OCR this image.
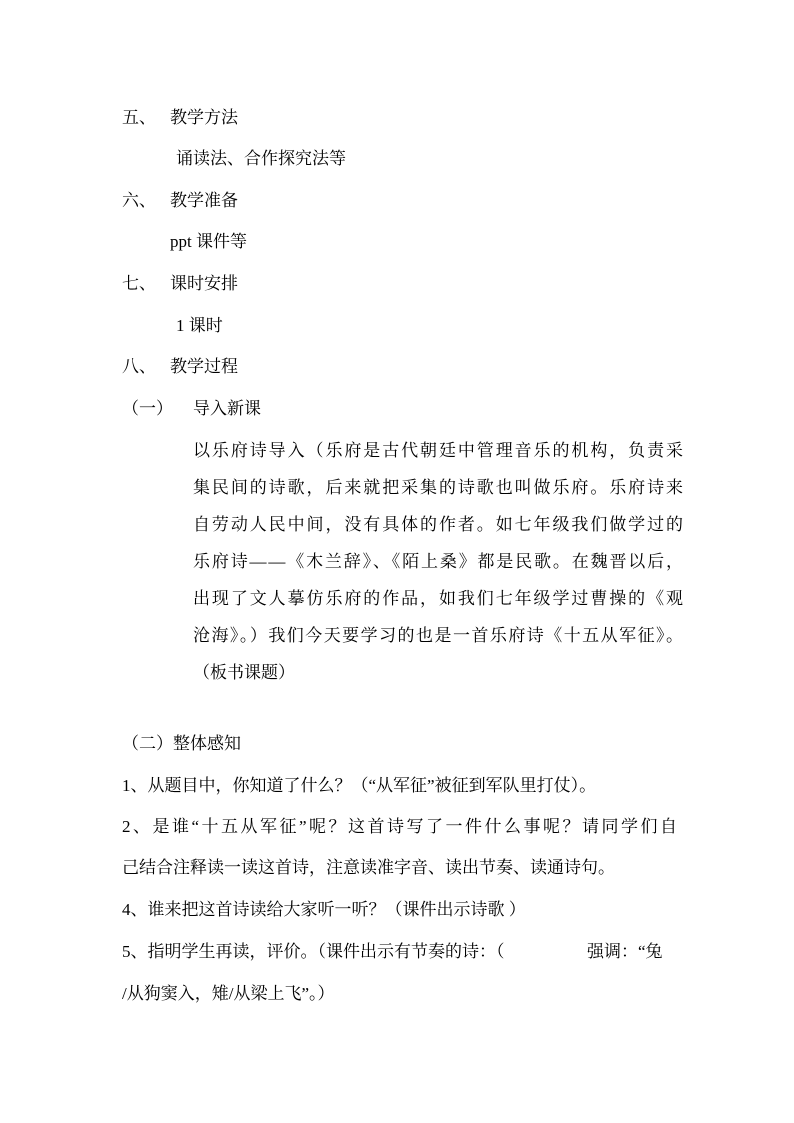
五、 教学方法
诵读法、合作探究法等
六、 教学准备
ppt 课件等
七、 课时安排
1 课时
八、 教学过程
（一） 导入新课
以乐府诗导入（乐府是古代朝廷中管理音乐的机构，负责采
集民间的诗歌，后来就把采集的诗歌也叫做乐府。乐府诗来
自劳动人民中间，没有具体的作者。如七年级我们做学过的
乐府诗——《木兰辞》、《陌上桑》都是民歌。在魏晋以后，
出现了文人摹仿乐府的作品，如我们七年级学过曹操的《观
沧海》。）我们今天要学习的也是一首乐府诗《十五从军征》。
（板书课题）
（二）整体感知
1、从题目中，你知道了什么？（“从军征”被征到军队里打仗）。
2、是谁“十五从军征”呢？这首诗写了一件什么事呢？请同学们自
己结合注释读一读这首诗，注意读准字音、读出节奏、读通诗句。
4、谁来把这首诗读给大家听一听？（课件出示诗歌 ）
5、指明学生再读，评价。（课件出示有节奏的诗：（	强调：“兔
/从狗窦入，雉/从梁上飞”。）
